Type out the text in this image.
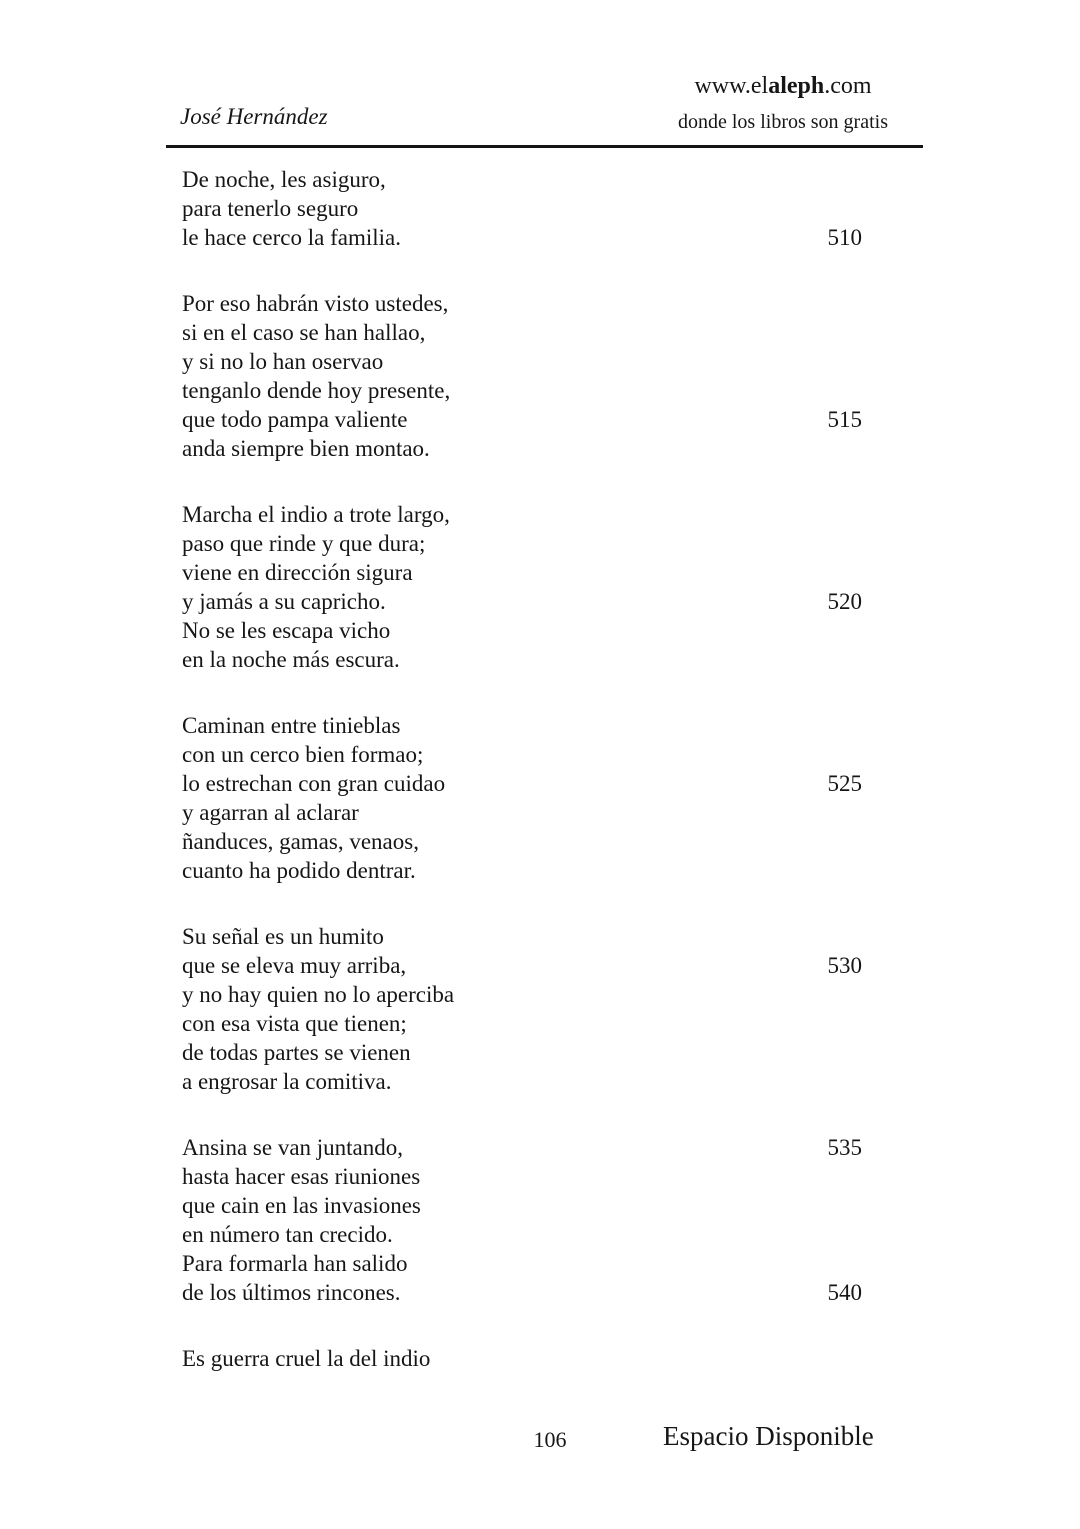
www.elaleph.com
donde los libros son gratis
José Hernández
De noche, les asiguro,
para tenerlo seguro
le hace cerco la familia.	510
Por eso habrán visto ustedes,
si en el caso se han hallao,
y si no lo han oservao
tenganlo dende hoy presente,
que todo pampa valiente	515
anda siempre bien montao.
Marcha el indio a trote largo,
paso que rinde y que dura;
viene en dirección sigura
y jamás a su capricho.	520
No se les escapa vicho
en la noche más escura.
Caminan entre tinieblas
con un cerco bien formao;
lo estrechan con gran cuidao	525
y agarran al aclarar
ñanduces, gamas, venaos,
cuanto ha podido dentrar.
Su señal es un humito
que se eleva muy arriba,	530
y no hay quien no lo aperciba
con esa vista que tienen;
de todas partes se vienen
a engrosar la comitiva.
Ansina se van juntando,	535
hasta hacer esas riuniones
que cain en las invasiones
en número tan crecido.
Para formarla han salido
de los últimos rincones.	540
Es guerra cruel la del indio
106	Espacio Disponible
